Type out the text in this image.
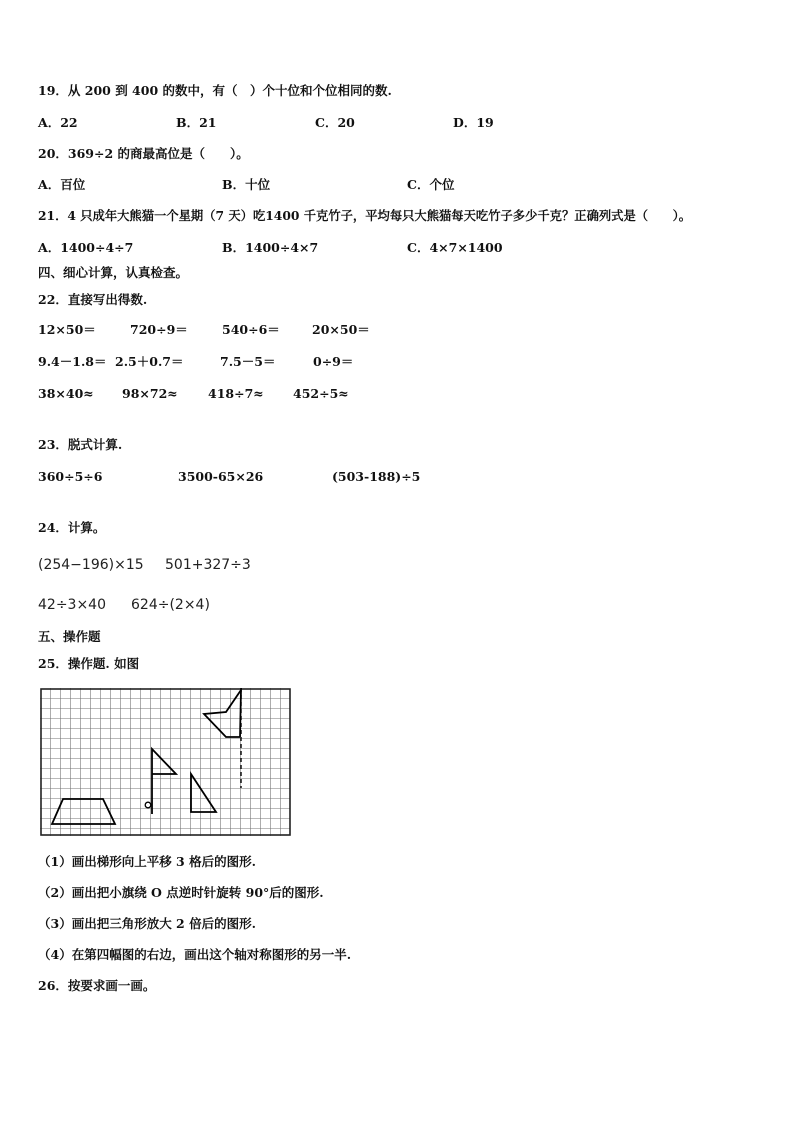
19．从 200 到 400 的数中，有（　）个十位和个位相同的数.
A．22	B．21	C．20	D．19
20．369÷2 的商最高位是（　　）。
A．百位	B．十位	C．个位
21．4 只成年大熊猫一个星期（7 天）吃1400 千克竹子，平均每只大熊猫每天吃竹子多少千克？正确列式是（　　）。
A．1400÷4÷7	B．1400÷4×7	C．4×7×1400
四、细心计算，认真检查。
22．直接写出得数.
12×50＝	720÷9＝	540÷6＝	20×50＝
9.4－1.8＝ 2.5＋0.7＝	7.5－5＝	0÷9＝
38×40≈ 98×72≈ 418÷7≈ 452÷5≈
23．脱式计算.
360÷5÷6	3500-65×26	(503-188)÷5
24．计算。
(254−196)×15 501+327÷3
42÷3×40 624÷(2×4)
五、操作题
25．操作题. 如图
（1）画出梯形向上平移 3 格后的图形.
（2）画出把小旗绕 O 点逆时针旋转 90°后的图形.
（3）画出把三角形放大 2 倍后的图形.
（4）在第四幅图的右边，画出这个轴对称图形的另一半.
26．按要求画一画。
